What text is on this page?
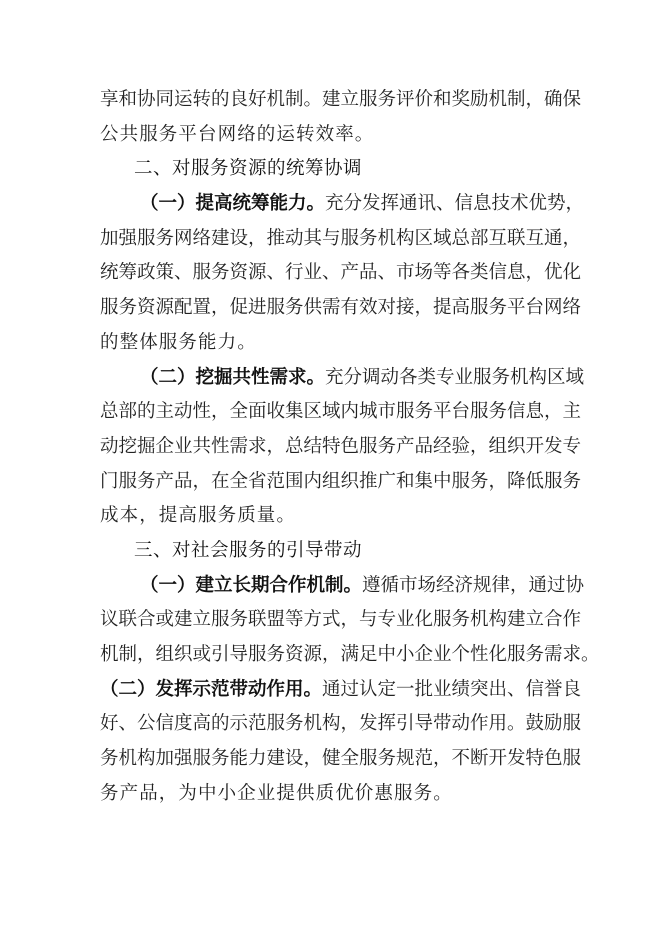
享和协同运转的良好机制。建立服务评价和奖励机制，确保
公共服务平台网络的运转效率。
二、对服务资源的统筹协调
（一）提高统筹能力。充分发挥通讯、信息技术优势，
加强服务网络建设，推动其与服务机构区域总部互联互通，
统筹政策、服务资源、行业、产品、市场等各类信息，优化
服务资源配置，促进服务供需有效对接，提高服务平台网络
的整体服务能力。
（二）挖掘共性需求。充分调动各类专业服务机构区域
总部的主动性，全面收集区域内城市服务平台服务信息，主
动挖掘企业共性需求，总结特色服务产品经验，组织开发专
门服务产品，在全省范围内组织推广和集中服务，降低服务
成本，提高服务质量。
三、对社会服务的引导带动
（一）建立长期合作机制。遵循市场经济规律，通过协
议联合或建立服务联盟等方式，与专业化服务机构建立合作
机制，组织或引导服务资源，满足中小企业个性化服务需求。
（二）发挥示范带动作用。通过认定一批业绩突出、信誉良
好、公信度高的示范服务机构，发挥引导带动作用。鼓励服
务机构加强服务能力建设，健全服务规范，不断开发特色服
务产品，为中小企业提供质优价惠服务。
